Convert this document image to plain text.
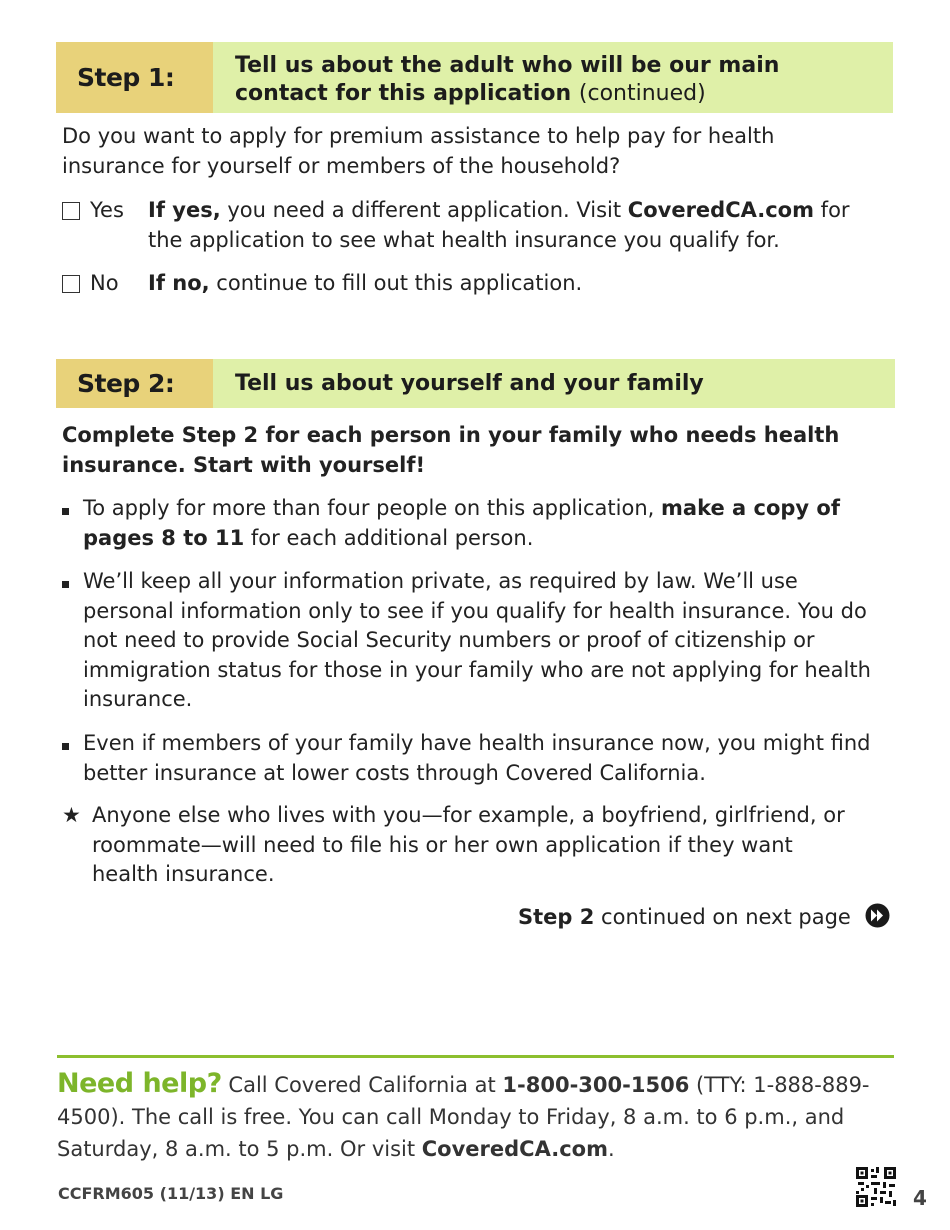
Step 1:	Tell us about the adult who will be our main
contact for this application (continued)
Do you want to apply for premium assistance to help pay for health insurance for yourself or members of the household?
Yes	If yes, you need a different application. Visit CoveredCA.com for the application to see what health insurance you qualify for.
No	If no, continue to fill out this application.
Step 2:	Tell us about yourself and your family
Complete Step 2 for each person in your family who needs health insurance. Start with yourself!
To apply for more than four people on this application, make a copy of pages 8 to 11 for each additional person.
We’ll keep all your information private, as required by law. We’ll use personal information only to see if you qualify for health insurance. You do not need to provide Social Security numbers or proof of citizenship or immigration status for those in your family who are not applying for health insurance.
Even if members of your family have health insurance now, you might find better insurance at lower costs through Covered California.
★ Anyone else who lives with you—for example, a boyfriend, girlfriend, or roommate—will need to file his or her own application if they want health insurance.
Step 2 continued on next page
Need help? Call Covered California at 1-800-300-1506 (TTY: 1-888-889-4500). The call is free. You can call Monday to Friday, 8 a.m. to 6 p.m., and Saturday, 8 a.m. to 5 p.m. Or visit CoveredCA.com.
CCFRM605 (11/13) EN LG	4
